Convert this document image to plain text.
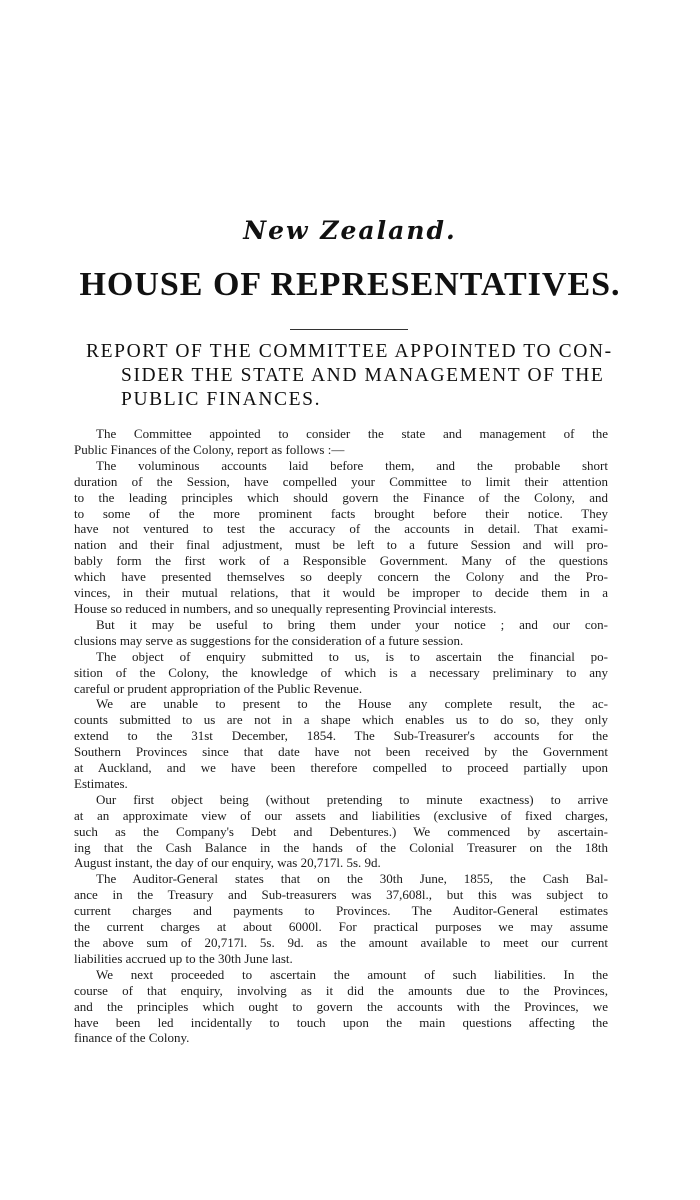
New Zealand.
HOUSE OF REPRESENTATIVES.
REPORT OF THE COMMITTEE APPOINTED TO CON-
SIDER THE STATE AND MANAGEMENT OF THE
PUBLIC FINANCES.
The Committee appointed to consider the state and management of the
Public Finances of the Colony, report as follows :—
The voluminous accounts laid before them, and the probable short
duration of the Session, have compelled your Committee to limit their attention
to the leading principles which should govern the Finance of the Colony, and
to some of the more prominent facts brought before their notice. They
have not ventured to test the accuracy of the accounts in detail. That exami-
nation and their final adjustment, must be left to a future Session and will pro-
bably form the first work of a Responsible Government. Many of the questions
which have presented themselves so deeply concern the Colony and the Pro-
vinces, in their mutual relations, that it would be improper to decide them in a
House so reduced in numbers, and so unequally representing Provincial interests.
But it may be useful to bring them under your notice ; and our con-
clusions may serve as suggestions for the consideration of a future session.
The object of enquiry submitted to us, is to ascertain the financial po-
sition of the Colony, the knowledge of which is a necessary preliminary to any
careful or prudent appropriation of the Public Revenue.
We are unable to present to the House any complete result, the ac-
counts submitted to us are not in a shape which enables us to do so, they only
extend to the 31st December, 1854. The Sub-Treasurer's accounts for the
Southern Provinces since that date have not been received by the Government
at Auckland, and we have been therefore compelled to proceed partially upon
Estimates.
Our first object being (without pretending to minute exactness) to arrive
at an approximate view of our assets and liabilities (exclusive of fixed charges,
such as the Company's Debt and Debentures.) We commenced by ascertain-
ing that the Cash Balance in the hands of the Colonial Treasurer on the 18th
August instant, the day of our enquiry, was 20,717l. 5s. 9d.
The Auditor-General states that on the 30th June, 1855, the Cash Bal-
ance in the Treasury and Sub-treasurers was 37,608l., but this was subject to
current charges and payments to Provinces. The Auditor-General estimates
the current charges at about 6000l. For practical purposes we may assume
the above sum of 20,717l. 5s. 9d. as the amount available to meet our current
liabilities accrued up to the 30th June last.
We next proceeded to ascertain the amount of such liabilities. In the
course of that enquiry, involving as it did the amounts due to the Provinces,
and the principles which ought to govern the accounts with the Provinces, we
have been led incidentally to touch upon the main questions affecting the
finance of the Colony.
